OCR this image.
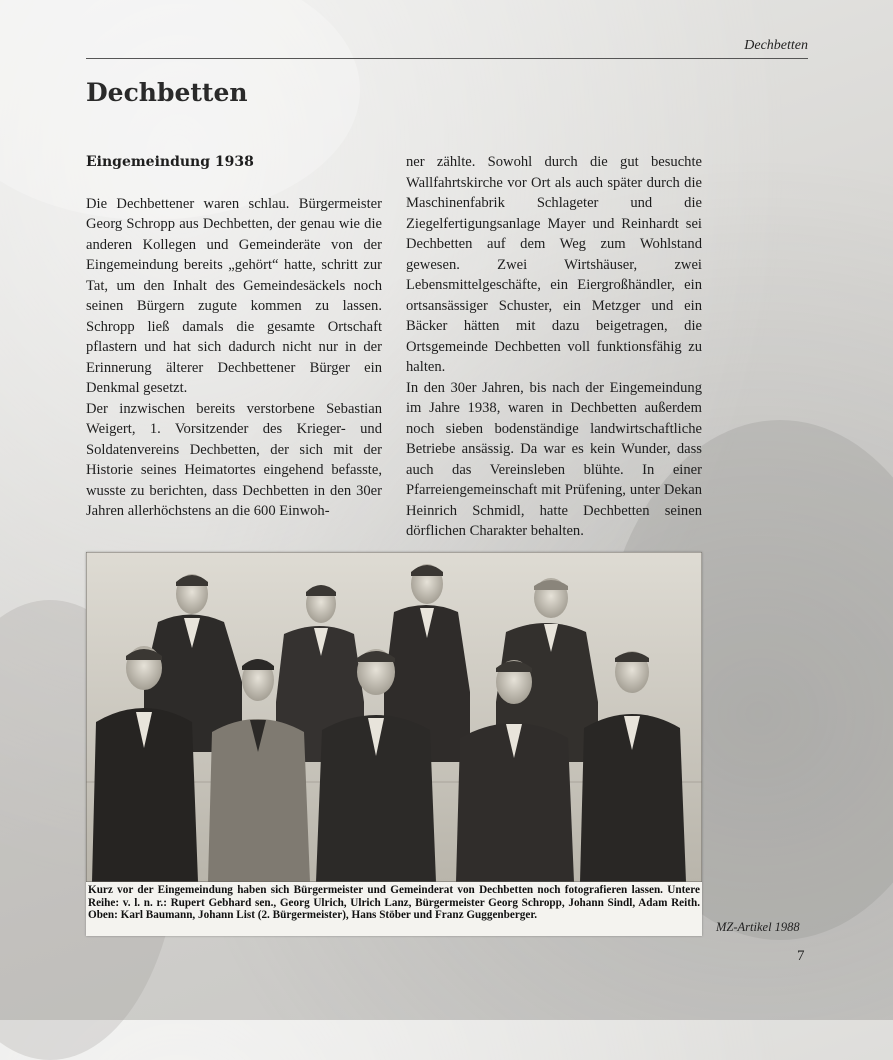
Dechbetten
Dechbetten
Eingemeindung 1938

Die Dechbettener waren schlau. Bürgermeister Georg Schropp aus Dechbetten, der genau wie die anderen Kollegen und Gemeinderäte von der Eingemeindung bereits „gehört“ hatte, schritt zur Tat, um den Inhalt des Gemeindesäckels noch seinen Bürgern zugute kommen zu lassen. Schropp ließ damals die gesamte Ortschaft pflastern und hat sich dadurch nicht nur in der Erinnerung älterer Dechbettener Bürger ein Denkmal gesetzt.

Der inzwischen bereits verstorbene Sebastian Weigert, 1. Vorsitzender des Krieger- und Soldatenvereins Dechbetten, der sich mit der Historie seines Heimatortes eingehend befasste, wusste zu berichten, dass Dechbetten in den 30er Jahren allerhöchstens an die 600 Einwoh-

ner zählte. Sowohl durch die gut besuchte Wallfahrtskirche vor Ort als auch später durch die Maschinenfabrik Schlageter und die Ziegelfertigungsanlage Mayer und Reinhardt sei Dechbetten auf dem Weg zum Wohlstand gewesen. Zwei Wirtshäuser, zwei Lebensmittelgeschäfte, ein Eiergroßhändler, ein ortsansässiger Schuster, ein Metzger und ein Bäcker hätten mit dazu beigetragen, die Ortsgemeinde Dechbetten voll funktionsfähig zu halten.

In den 30er Jahren, bis nach der Eingemeindung im Jahre 1938, waren in Dechbetten außerdem noch sieben bodenständige landwirtschaftliche Betriebe ansässig. Da war es kein Wunder, dass auch das Vereinsleben blühte. In einer Pfarreiengemeinschaft mit Prüfening, unter Dekan Heinrich Schmidl, hatte Dechbetten seinen dörflichen Charakter behalten.

Kurz vor der Eingemeindung haben sich Bürgermeister und Gemeinderat von Dechbetten noch fotografieren lassen. Untere Reihe: v. l. n. r.: Rupert Gebhard sen., Georg Ulrich, Ulrich Lanz, Bürgermeister Georg Schropp, Johann Sindl, Adam Reith. Oben: Karl Baumann, Johann List (2. Bürgermeister), Hans Stöber und Franz Guggenberger.
MZ-Artikel 1988
7
